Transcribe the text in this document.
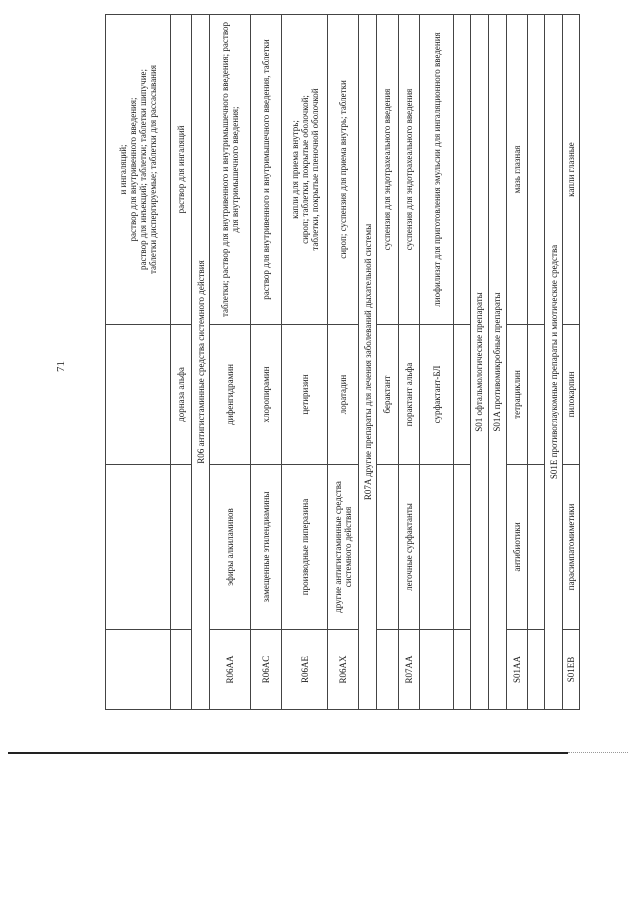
71
			и ингаляций;
раствор для внутривенного введения;
раствор для инъекций; таблетки; таблетки шипучие;
таблетки диспергируемые; таблетки для рассасывания
		дорназа альфа	раствор для ингаляций
R06 антигистаминные средства системного действия			
R06AA	эфиры алкиламинов	дифенгидрамин	таблетки; раствор для внутривенного и внутримышечного введения; раствор для внутримышечного введения;
R06AC	замещенные этилендиамины	хлоропирамин	раствор для внутривенного и внутримышечного введения, таблетки
R06AE	производные пиперазина	цетиризин	капли для приема внутрь;
сироп; таблетки, покрытые оболочкой;
таблетки, покрытые пленочной оболочкой
R06AX	другие антигистаминные средства системного действия	лоратадин	сироп; суспензия для приема внутрь; таблетки
R07A другие препараты для лечения заболеваний дыхательной системы			
		берактант	суспензия для эндотрахеального введения
R07AA	легочные сурфактанты	порактант альфа	суспензия для эндотрахеального введения
		сурфактант-БЛ	лиофилизат для приготовления эмульсии для ингаляционного введения

S01 офтальмологические препараты			
S01A противомикробные препараты			
S01AA	антибиотики	тетрациклин	мазь глазная

S01E противоглаукомные препараты и миотические средства			
S01EB	парасимпатомиметики	пилокарпин	капли глазные
